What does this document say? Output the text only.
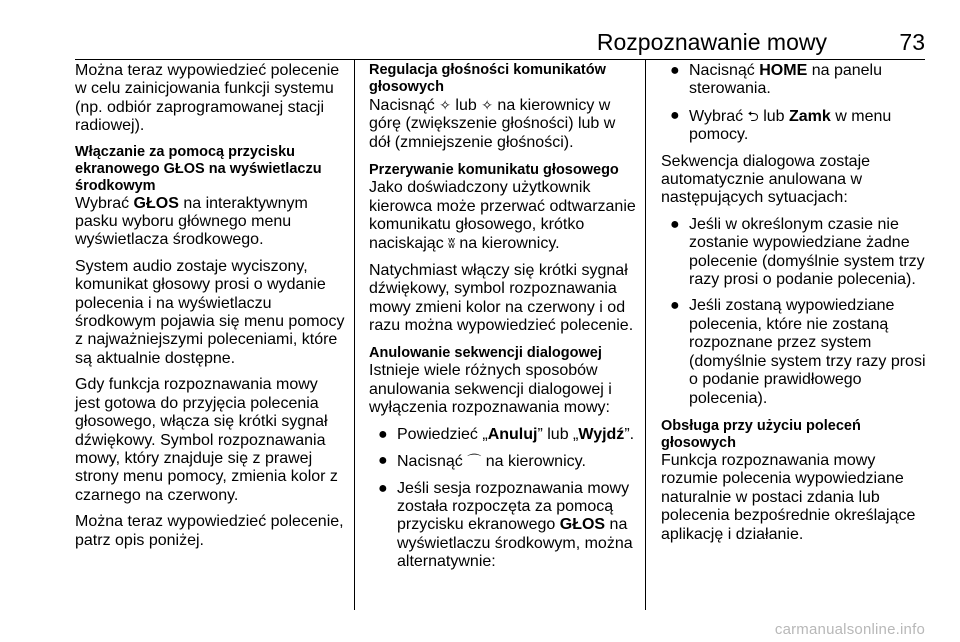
Rozpoznawanie mowy	73

Można teraz wypowiedzieć polecenie w celu zainicjowania funkcji systemu (np. odbiór zaprogramowanej stacji radiowej).

Włączanie za pomocą przycisku ekranowego GŁOS na wyświetlaczu środkowym

Wybrać GŁOS na interaktywnym pasku wyboru głównego menu wyświetlacza środkowego.

System audio zostaje wyciszony, komunikat głosowy prosi o wydanie polecenia i na wyświetlaczu środkowym pojawia się menu pomocy z najważniejszymi poleceniami, które są aktualnie dostępne.

Gdy funkcja rozpoznawania mowy jest gotowa do przyjęcia polecenia głosowego, włącza się krótki sygnał dźwiękowy. Symbol rozpoznawania mowy, który znajduje się z prawej strony menu pomocy, zmienia kolor z czarnego na czerwony.

Można teraz wypowiedzieć polecenie, patrz opis poniżej.

Regulacja głośności komunikatów głosowych

Nacisnąć ✧ lub ✧ na kierownicy w górę (zwiększenie głośności) lub w dół (zmniejszenie głośności).

Przerywanie komunikatu głosowego

Jako doświadczony użytkownik kierowca może przerwać odtwarzanie komunikatu głosowego, krótko naciskając ʬ na kierownicy.

Natychmiast włączy się krótki sygnał dźwiękowy, symbol rozpoznawania mowy zmieni kolor na czerwony i od razu można wypowiedzieć polecenie.

Anulowanie sekwencji dialogowej

Istnieje wiele różnych sposobów anulowania sekwencji dialogowej i wyłączenia rozpoznawania mowy:

● Powiedzieć „Anuluj” lub „Wyjdź”.
● Nacisnąć ⌒ na kierownicy.
● Jeśli sesja rozpoznawania mowy została rozpoczęta za pomocą przycisku ekranowego GŁOS na wyświetlaczu środkowym, można alternatywnie:
● Nacisnąć HOME na panelu sterowania.
● Wybrać ⮌ lub Zamk w menu pomocy.

Sekwencja dialogowa zostaje automatycznie anulowana w następujących sytuacjach:

● Jeśli w określonym czasie nie zostanie wypowiedziane żadne polecenie (domyślnie system trzy razy prosi o podanie polecenia).
● Jeśli zostaną wypowiedziane polecenia, które nie zostaną rozpoznane przez system (domyślnie system trzy razy prosi o podanie prawidłowego polecenia).
Obsługa przy użyciu poleceń głosowych

Funkcja rozpoznawania mowy rozumie polecenia wypowiedziane naturalnie w postaci zdania lub polecenia bezpośrednie określające aplikację i działanie.

carmanualsonline.info
